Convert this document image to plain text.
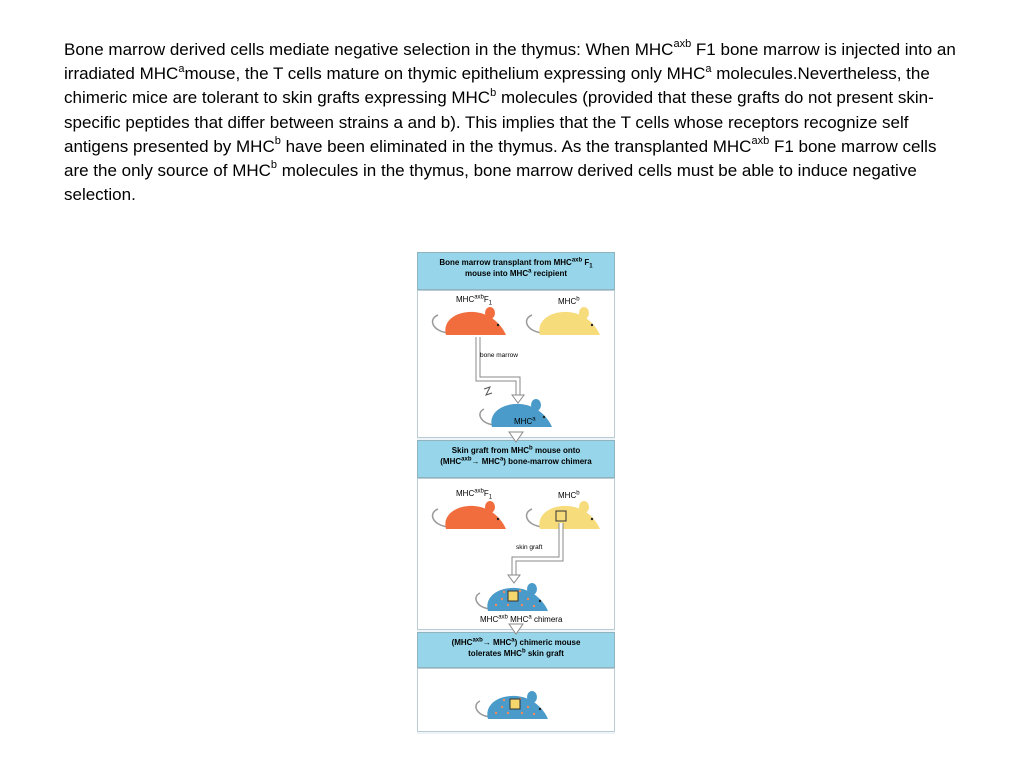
Bone marrow derived cells mediate negative selection in the thymus: When $MHC^{axb}$ F1 bone marrow is injected into an irradiated MHC$^a$mouse, the T cells mature on thymic epithelium expressing only MHC$^a$ molecules.Nevertheless, the chimeric mice are tolerant to skin grafts expressing MHC$^b$ molecules (provided that these grafts do not present skin-specific peptides that differ between strains a and b). This implies that the T cells whose receptors recognize self antigens presented by MHC$^b$ have been eliminated in the thymus. As the transplanted $MHC^{axb}$ F1 bone marrow cells are the only source of MHC$^b$ molecules in the thymus, bone marrow derived cells must be able to induce negative selection.

Bone marrow transplant from $MHC^{axb}$ $F_1$
mouse into MHC$^a$ recipient
$MHC^{axb}F_1$	MHC$^b$
bone marrow
MHC$^a$
Skin graft from MHC$^b$ mouse onto
$(MHC^{axb}\to MHC^a)$ bone-marrow chimera
$MHC^{axb}F_1$	MHC$^b$
skin graft
$MHC^{axb}$ MHC$^a$ chimera
$(MHC^{axb}\to MHC^a)$ chimeric mouse
tolerates MHC$^b$ skin graft
